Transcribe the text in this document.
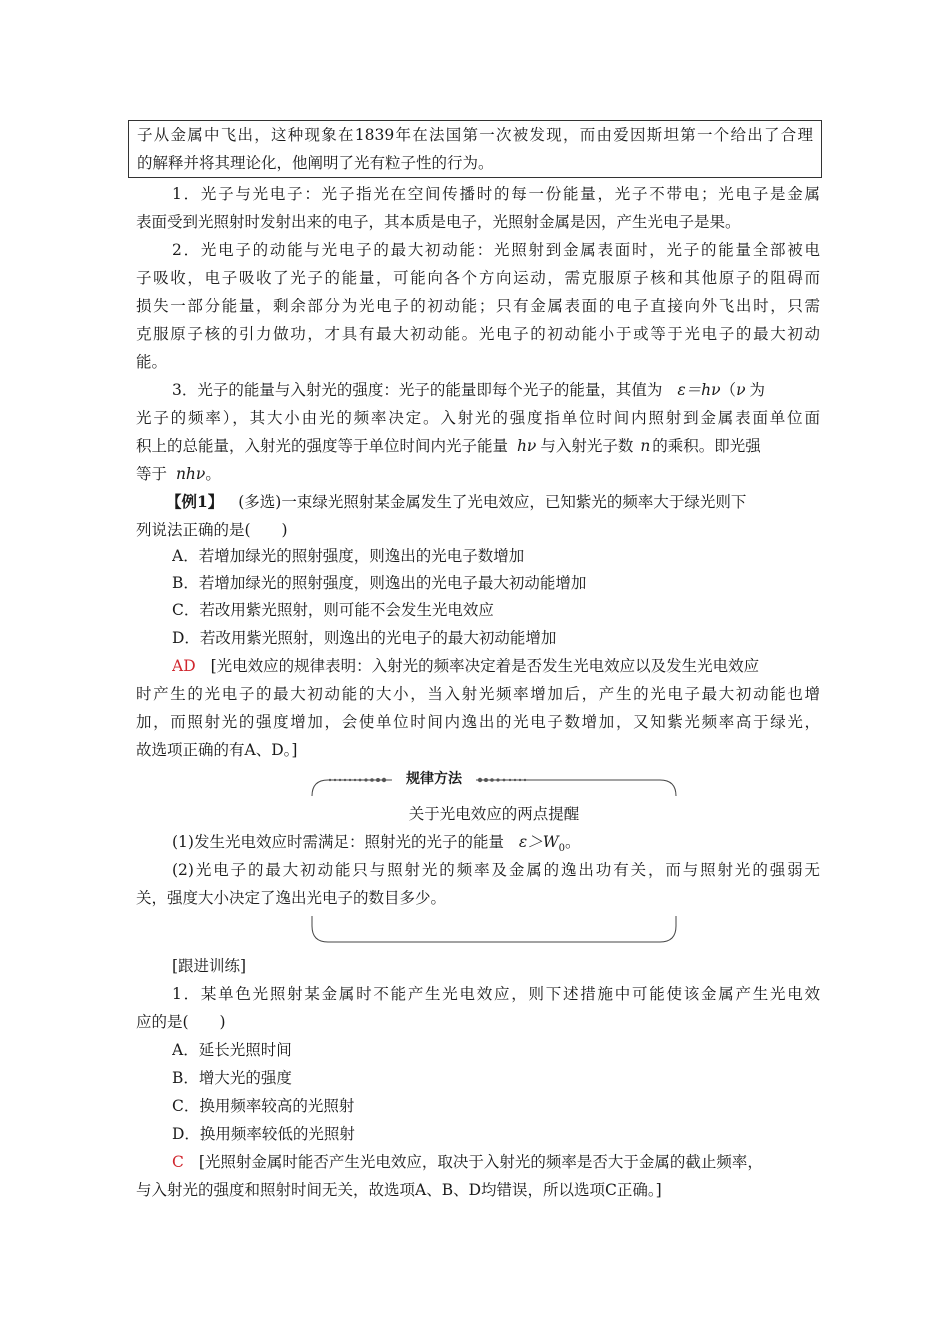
子从金属中飞出，这种现象在1839年在法国第一次被发现，而由爱因斯坦第一个给出了合理
的解释并将其理论化，他阐明了光有粒子性的行为。
1．光子与光电子：光子指光在空间传播时的每一份能量，光子不带电；光电子是金属
表面受到光照射时发射出来的电子，其本质是电子，光照射金属是因，产生光电子是果。
2．光电子的动能与光电子的最大初动能：光照射到金属表面时，光子的能量全部被电
子吸收，电子吸收了光子的能量，可能向各个方向运动，需克服原子核和其他原子的阻碍而
损失一部分能量，剩余部分为光电子的初动能；只有金属表面的电子直接向外飞出时，只需
克服原子核的引力做功，才具有最大初动能。光电子的初动能小于或等于光电子的最大初动
能。
3．光子的能量与入射光的强度：光子的能量即每个光子的能量，其值为 ε＝hν（ν 为
光子的频率），其大小由光的频率决定。入射光的强度指单位时间内照射到金属表面单位面
积上的总能量，入射光的强度等于单位时间内光子能量 hν 与入射光子数 n 的乘积。即光强
等于 nhν。
【例1】 (多选)一束绿光照射某金属发生了光电效应，已知紫光的频率大于绿光则下
列说法正确的是(　　)
A．若增加绿光的照射强度，则逸出的光电子数增加
B．若增加绿光的照射强度，则逸出的光电子最大初动能增加
C．若改用紫光照射，则可能不会发生光电效应
D．若改用紫光照射，则逸出的光电子的最大初动能增加
AD [光电效应的规律表明：入射光的频率决定着是否发生光电效应以及发生光电效应
时产生的光电子的最大初动能的大小，当入射光频率增加后，产生的光电子最大初动能也增
加，而照射光的强度增加，会使单位时间内逸出的光电子数增加，又知紫光频率高于绿光，
故选项正确的有A、D。]
规律方法
关于光电效应的两点提醒
(1)发生光电效应时需满足：照射光的光子的能量 $\varepsilon>W_0$。
(2)光电子的最大初动能只与照射光的频率及金属的逸出功有关，而与照射光的强弱无
关，强度大小决定了逸出光电子的数目多少。
[跟进训练]
1．某单色光照射某金属时不能产生光电效应，则下述措施中可能使该金属产生光电效
应的是(　　)
A．延长光照时间
B．增大光的强度
C．换用频率较高的光照射
D．换用频率较低的光照射
C [光照射金属时能否产生光电效应，取决于入射光的频率是否大于金属的截止频率，
与入射光的强度和照射时间无关，故选项A、B、D均错误，所以选项C正确。]
